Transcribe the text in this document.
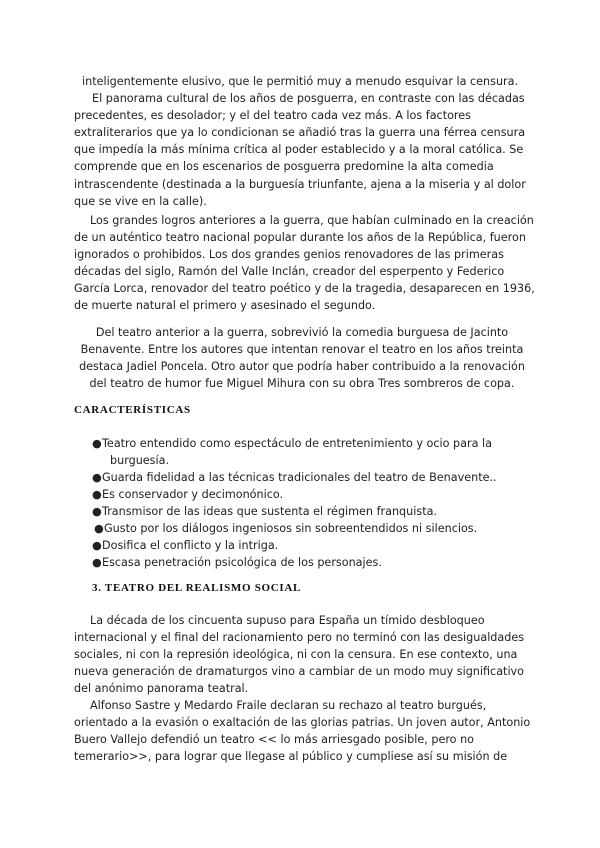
inteligentemente elusivo, que le permitió muy a menudo esquivar la censura.
El panorama cultural de los años de posguerra, en contraste con las décadas
precedentes, es desolador; y el del teatro cada vez más. A los factores
extraliterarios que ya lo condicionan se añadió tras la guerra una férrea censura
que impedía la más mínima crítica al poder establecido y a la moral católica. Se
comprende que en los escenarios de posguerra predomine la alta comedia
intrascendente (destinada a la burguesía triunfante, ajena a la miseria y al dolor
que se vive en la calle).

Los grandes logros anteriores a la guerra, que habían culminado en la creación
de un auténtico teatro nacional popular durante los años de la República, fueron
ignorados o prohibidos. Los dos grandes genios renovadores de las primeras
décadas del siglo, Ramón del Valle Inclán, creador del esperpento y Federico
García Lorca, renovador del teatro poético y de la tragedia, desaparecen en 1936,
de muerte natural el primero y asesinado el segundo.

Del teatro anterior a la guerra, sobrevivió la comedia burguesa de Jacinto
Benavente. Entre los autores que intentan renovar el teatro en los años treinta
destaca Jadiel Poncela. Otro autor que podría haber contribuido a la renovación
del teatro de humor fue Miguel Mihura con su obra Tres sombreros de copa.

CARACTERÍSTICAS
● Teatro entendido como espectáculo de entretenimiento y ocio para la
burguesía.
● Guarda fidelidad a las técnicas tradicionales del teatro de Benavente..
● Es conservador y decimonónico.
● Transmisor de las ideas que sustenta el régimen franquista.
● Gusto por los diálogos ingeniosos sin sobreentendidos ni silencios.
● Dosifica el conflicto y la intriga.
● Escasa penetración psicológica de los personajes.
3. TEATRO DEL REALISMO SOCIAL

La década de los cincuenta supuso para España un tímido desbloqueo
internacional y el final del racionamiento pero no terminó con las desigualdades
sociales, ni con la represión ideológica, ni con la censura. En ese contexto, una
nueva generación de dramaturgos vino a cambiar de un modo muy significativo
del anónimo panorama teatral.

Alfonso Sastre y Medardo Fraile declaran su rechazo al teatro burgués,
orientado a la evasión o exaltación de las glorias patrias. Un joven autor, Antonio
Buero Vallejo defendió un teatro << lo más arriesgado posible, pero no
temerario>>, para lograr que llegase al público y cumpliese así su misión de
